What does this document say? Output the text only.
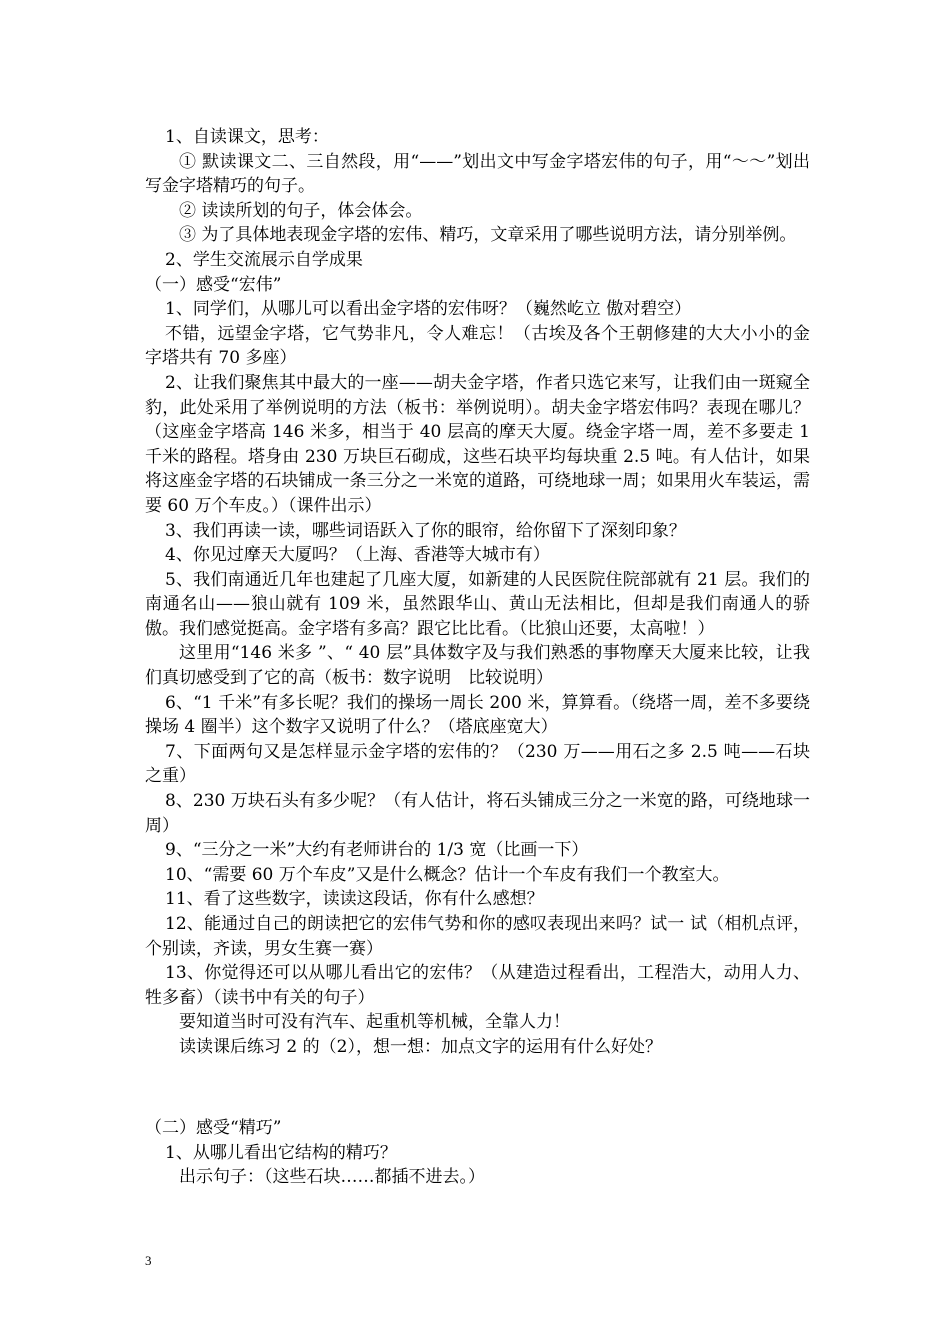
1、自读课文，思考：

① 默读课文二、三自然段，用“——”划出文中写金字塔宏伟的句子，用“～～”划出写金字塔精巧的句子。

② 读读所划的句子，体会体会。

③ 为了具体地表现金字塔的宏伟、精巧，文章采用了哪些说明方法，请分别举例。

2、学生交流展示自学成果

（一）感受“宏伟”

1、同学们，从哪儿可以看出金字塔的宏伟呀？（巍然屹立 傲对碧空）

不错，远望金字塔，它气势非凡，令人难忘！（古埃及各个王朝修建的大大小小的金字塔共有 70 多座）

2、让我们聚焦其中最大的一座——胡夫金字塔，作者只选它来写，让我们由一斑窥全豹，此处采用了举例说明的方法（板书：举例说明）。胡夫金字塔宏伟吗？表现在哪儿？（这座金字塔高 146 米多，相当于 40 层高的摩天大厦。绕金字塔一周，差不多要走 1 千米的路程。塔身由 230 万块巨石砌成，这些石块平均每块重 2.5 吨。有人估计，如果将这座金字塔的石块铺成一条三分之一米宽的道路，可绕地球一周；如果用火车装运，需要 60 万个车皮。）（课件出示）

3、我们再读一读，哪些词语跃入了你的眼帘，给你留下了深刻印象？

4、你见过摩天大厦吗？（上海、香港等大城市有）

5、我们南通近几年也建起了几座大厦，如新建的人民医院住院部就有 21 层。我们的南通名山——狼山就有 109 米，虽然跟华山、黄山无法相比，但却是我们南通人的骄傲。我们感觉挺高。金字塔有多高？跟它比比看。（比狼山还要，太高啦！）

这里用“146 米多 ”、“ 40 层”具体数字及与我们熟悉的事物摩天大厦来比较，让我们真切感受到了它的高（板书：数字说明　比较说明）

6、“1 千米”有多长呢？我们的操场一周长 200 米，算算看。（绕塔一周，差不多要绕操场 4 圈半）这个数字又说明了什么？（塔底座宽大）

7、下面两句又是怎样显示金字塔的宏伟的？（230 万——用石之多 2.5 吨——石块之重）

8、230 万块石头有多少呢？（有人估计，将石头铺成三分之一米宽的路，可绕地球一周）

9、“三分之一米”大约有老师讲台的 1/3 宽（比画一下）

10、“需要 60 万个车皮”又是什么概念？估计一个车皮有我们一个教室大。

11、看了这些数字，读读这段话，你有什么感想？

12、能通过自己的朗读把它的宏伟气势和你的感叹表现出来吗？试一 试（相机点评，个别读，齐读，男女生赛一赛）

13、你觉得还可以从哪儿看出它的宏伟？（从建造过程看出，工程浩大，动用人力、牲多畜）（读书中有关的句子）

要知道当时可没有汽车、起重机等机械，全靠人力！

读读课后练习 2 的（2），想一想：加点文字的运用有什么好处？

（二）感受“精巧”

1、从哪儿看出它结构的精巧？

出示句子：（这些石块……都插不进去。）

3
